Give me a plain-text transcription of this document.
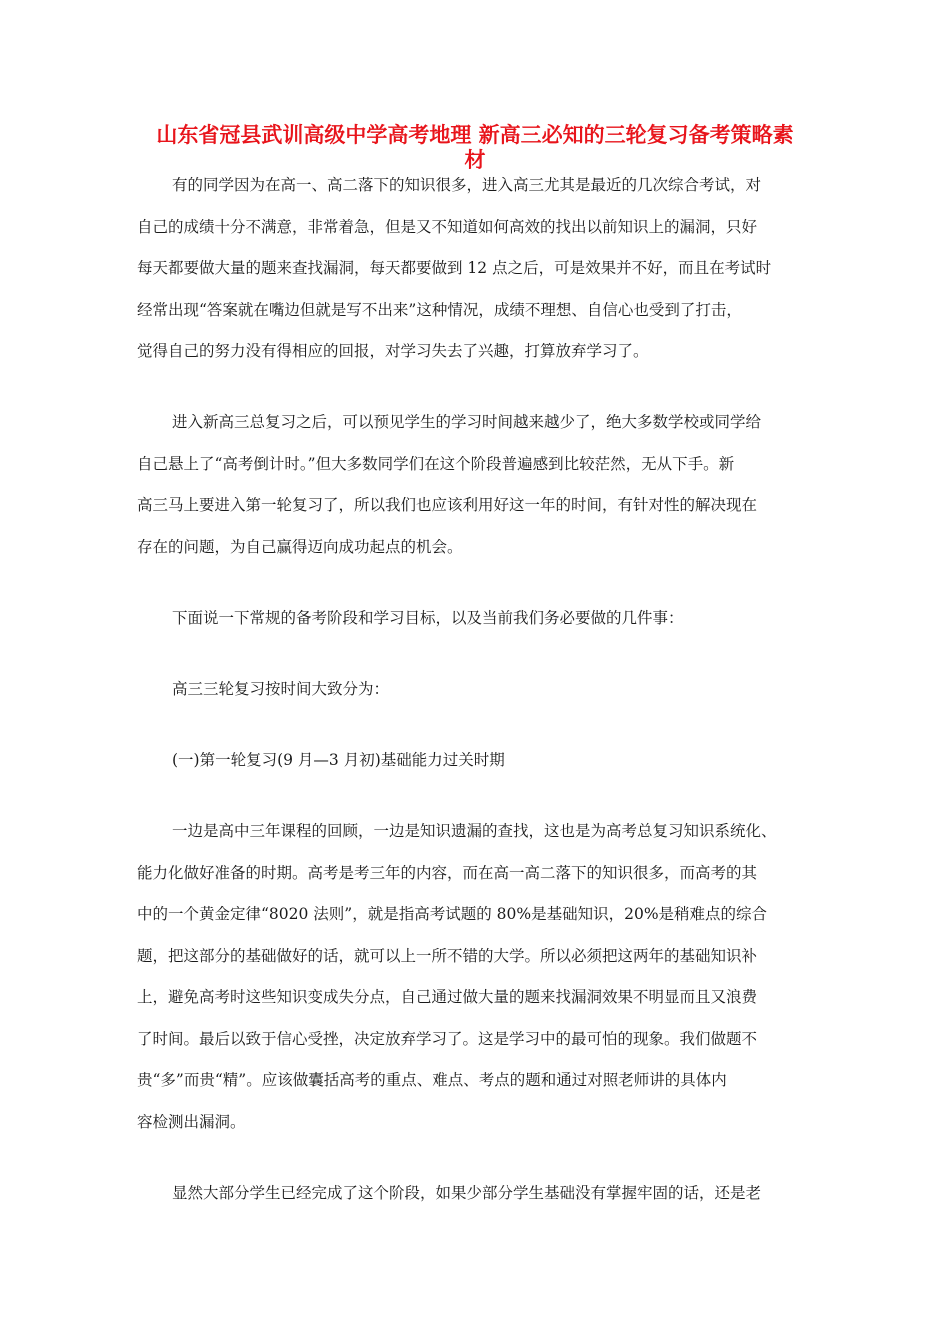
山东省冠县武训高级中学高考地理 新高三必知的三轮复习备考策略素
材
有的同学因为在高一、高二落下的知识很多，进入高三尤其是最近的几次综合考试，对
自己的成绩十分不满意，非常着急，但是又不知道如何高效的找出以前知识上的漏洞，只好
每天都要做大量的题来查找漏洞，每天都要做到 12 点之后，可是效果并不好，而且在考试时
经常出现“答案就在嘴边但就是写不出来”这种情况，成绩不理想、自信心也受到了打击，
觉得自己的努力没有得相应的回报，对学习失去了兴趣，打算放弃学习了。
进入新高三总复习之后，可以预见学生的学习时间越来越少了，绝大多数学校或同学给
自己悬上了“高考倒计时。”但大多数同学们在这个阶段普遍感到比较茫然，无从下手。新
高三马上要进入第一轮复习了，所以我们也应该利用好这一年的时间，有针对性的解决现在
存在的问题，为自己赢得迈向成功起点的机会。
下面说一下常规的备考阶段和学习目标，以及当前我们务必要做的几件事：
高三三轮复习按时间大致分为：
(一)第一轮复习(9 月—3 月初)基础能力过关时期
一边是高中三年课程的回顾，一边是知识遗漏的查找，这也是为高考总复习知识系统化、
能力化做好准备的时期。高考是考三年的内容，而在高一高二落下的知识很多，而高考的其
中的一个黄金定律“8020 法则”，就是指高考试题的 80%是基础知识，20%是稍难点的综合
题，把这部分的基础做好的话，就可以上一所不错的大学。所以必须把这两年的基础知识补
上，避免高考时这些知识变成失分点，自己通过做大量的题来找漏洞效果不明显而且又浪费
了时间。最后以致于信心受挫，决定放弃学习了。这是学习中的最可怕的现象。我们做题不
贵“多”而贵“精”。应该做囊括高考的重点、难点、考点的题和通过对照老师讲的具体内
容检测出漏洞。
显然大部分学生已经完成了这个阶段，如果少部分学生基础没有掌握牢固的话，还是老
